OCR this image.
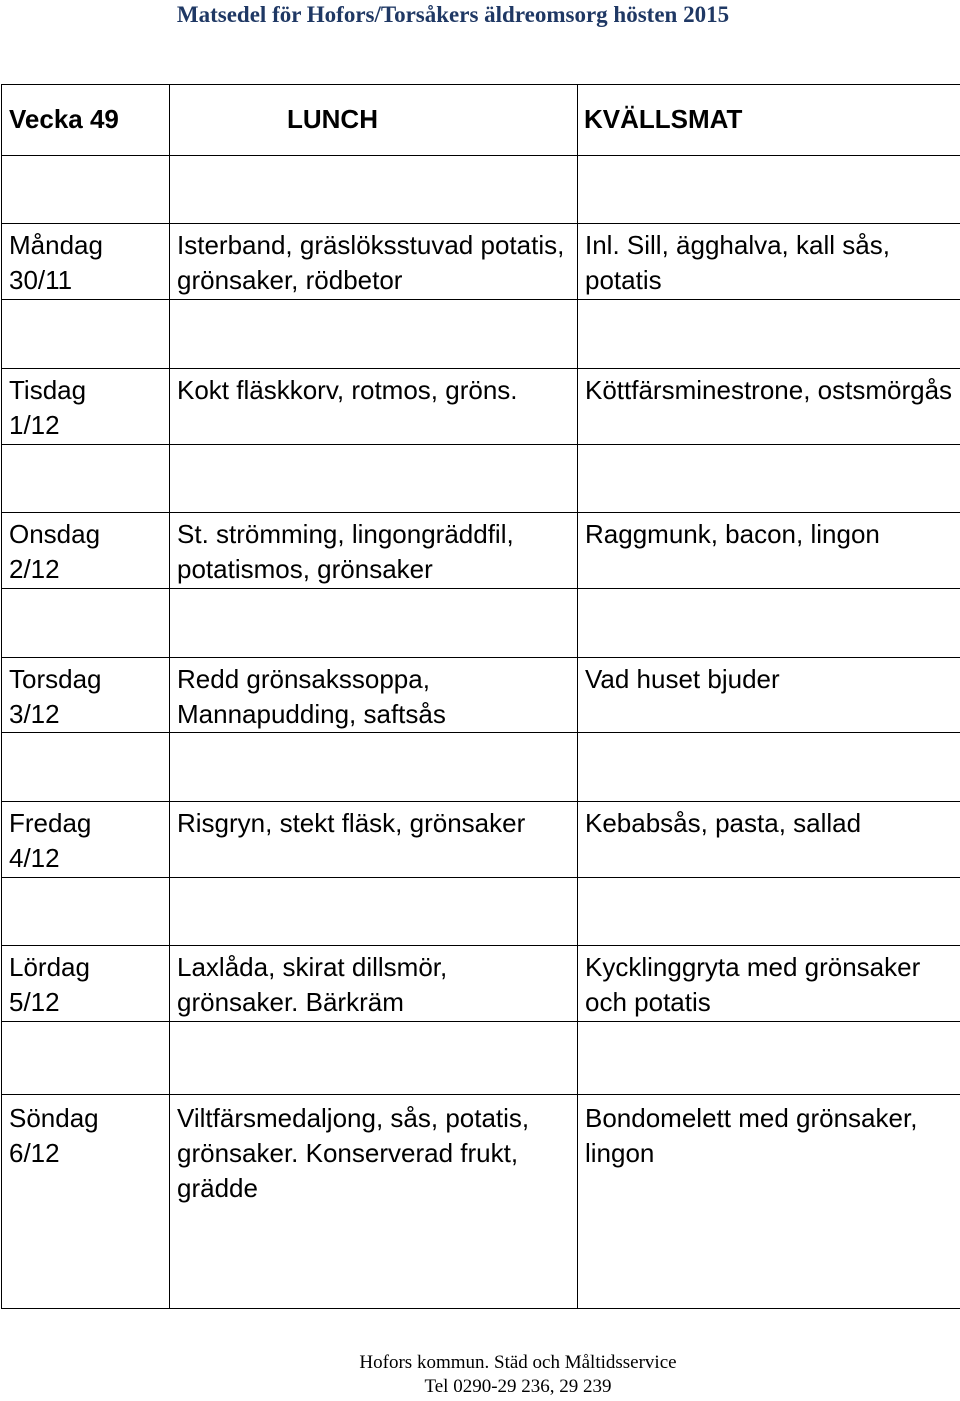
Matsedel för Hofors/Torsåkers äldreomsorg hösten 2015
Vecka 49	LUNCH	KVÄLLSMAT

Måndag
30/11	Isterband, gräslöksstuvad potatis, grönsaker, rödbetor	Inl. Sill, ägghalva, kall sås, potatis

Tisdag
1/12	Kokt fläskkorv, rotmos, gröns.	Köttfärsminestrone, ostsmörgås

Onsdag
2/12	St. strömming, lingongräddfil, potatismos, grönsaker	Raggmunk, bacon, lingon

Torsdag
3/12	Redd grönsakssoppa, Mannapudding, saftsås	Vad huset bjuder

Fredag
4/12	Risgryn, stekt fläsk, grönsaker	Kebabsås, pasta, sallad

Lördag
5/12	Laxlåda, skirat dillsmör, grönsaker. Bärkräm	Kycklinggryta med grönsaker och potatis

Söndag
6/12	Viltfärsmedaljong, sås, potatis, grönsaker. Konserverad frukt, grädde	Bondomelett med grönsaker, lingon
Hofors kommun. Städ och Måltidsservice
Tel 0290-29 236, 29 239
